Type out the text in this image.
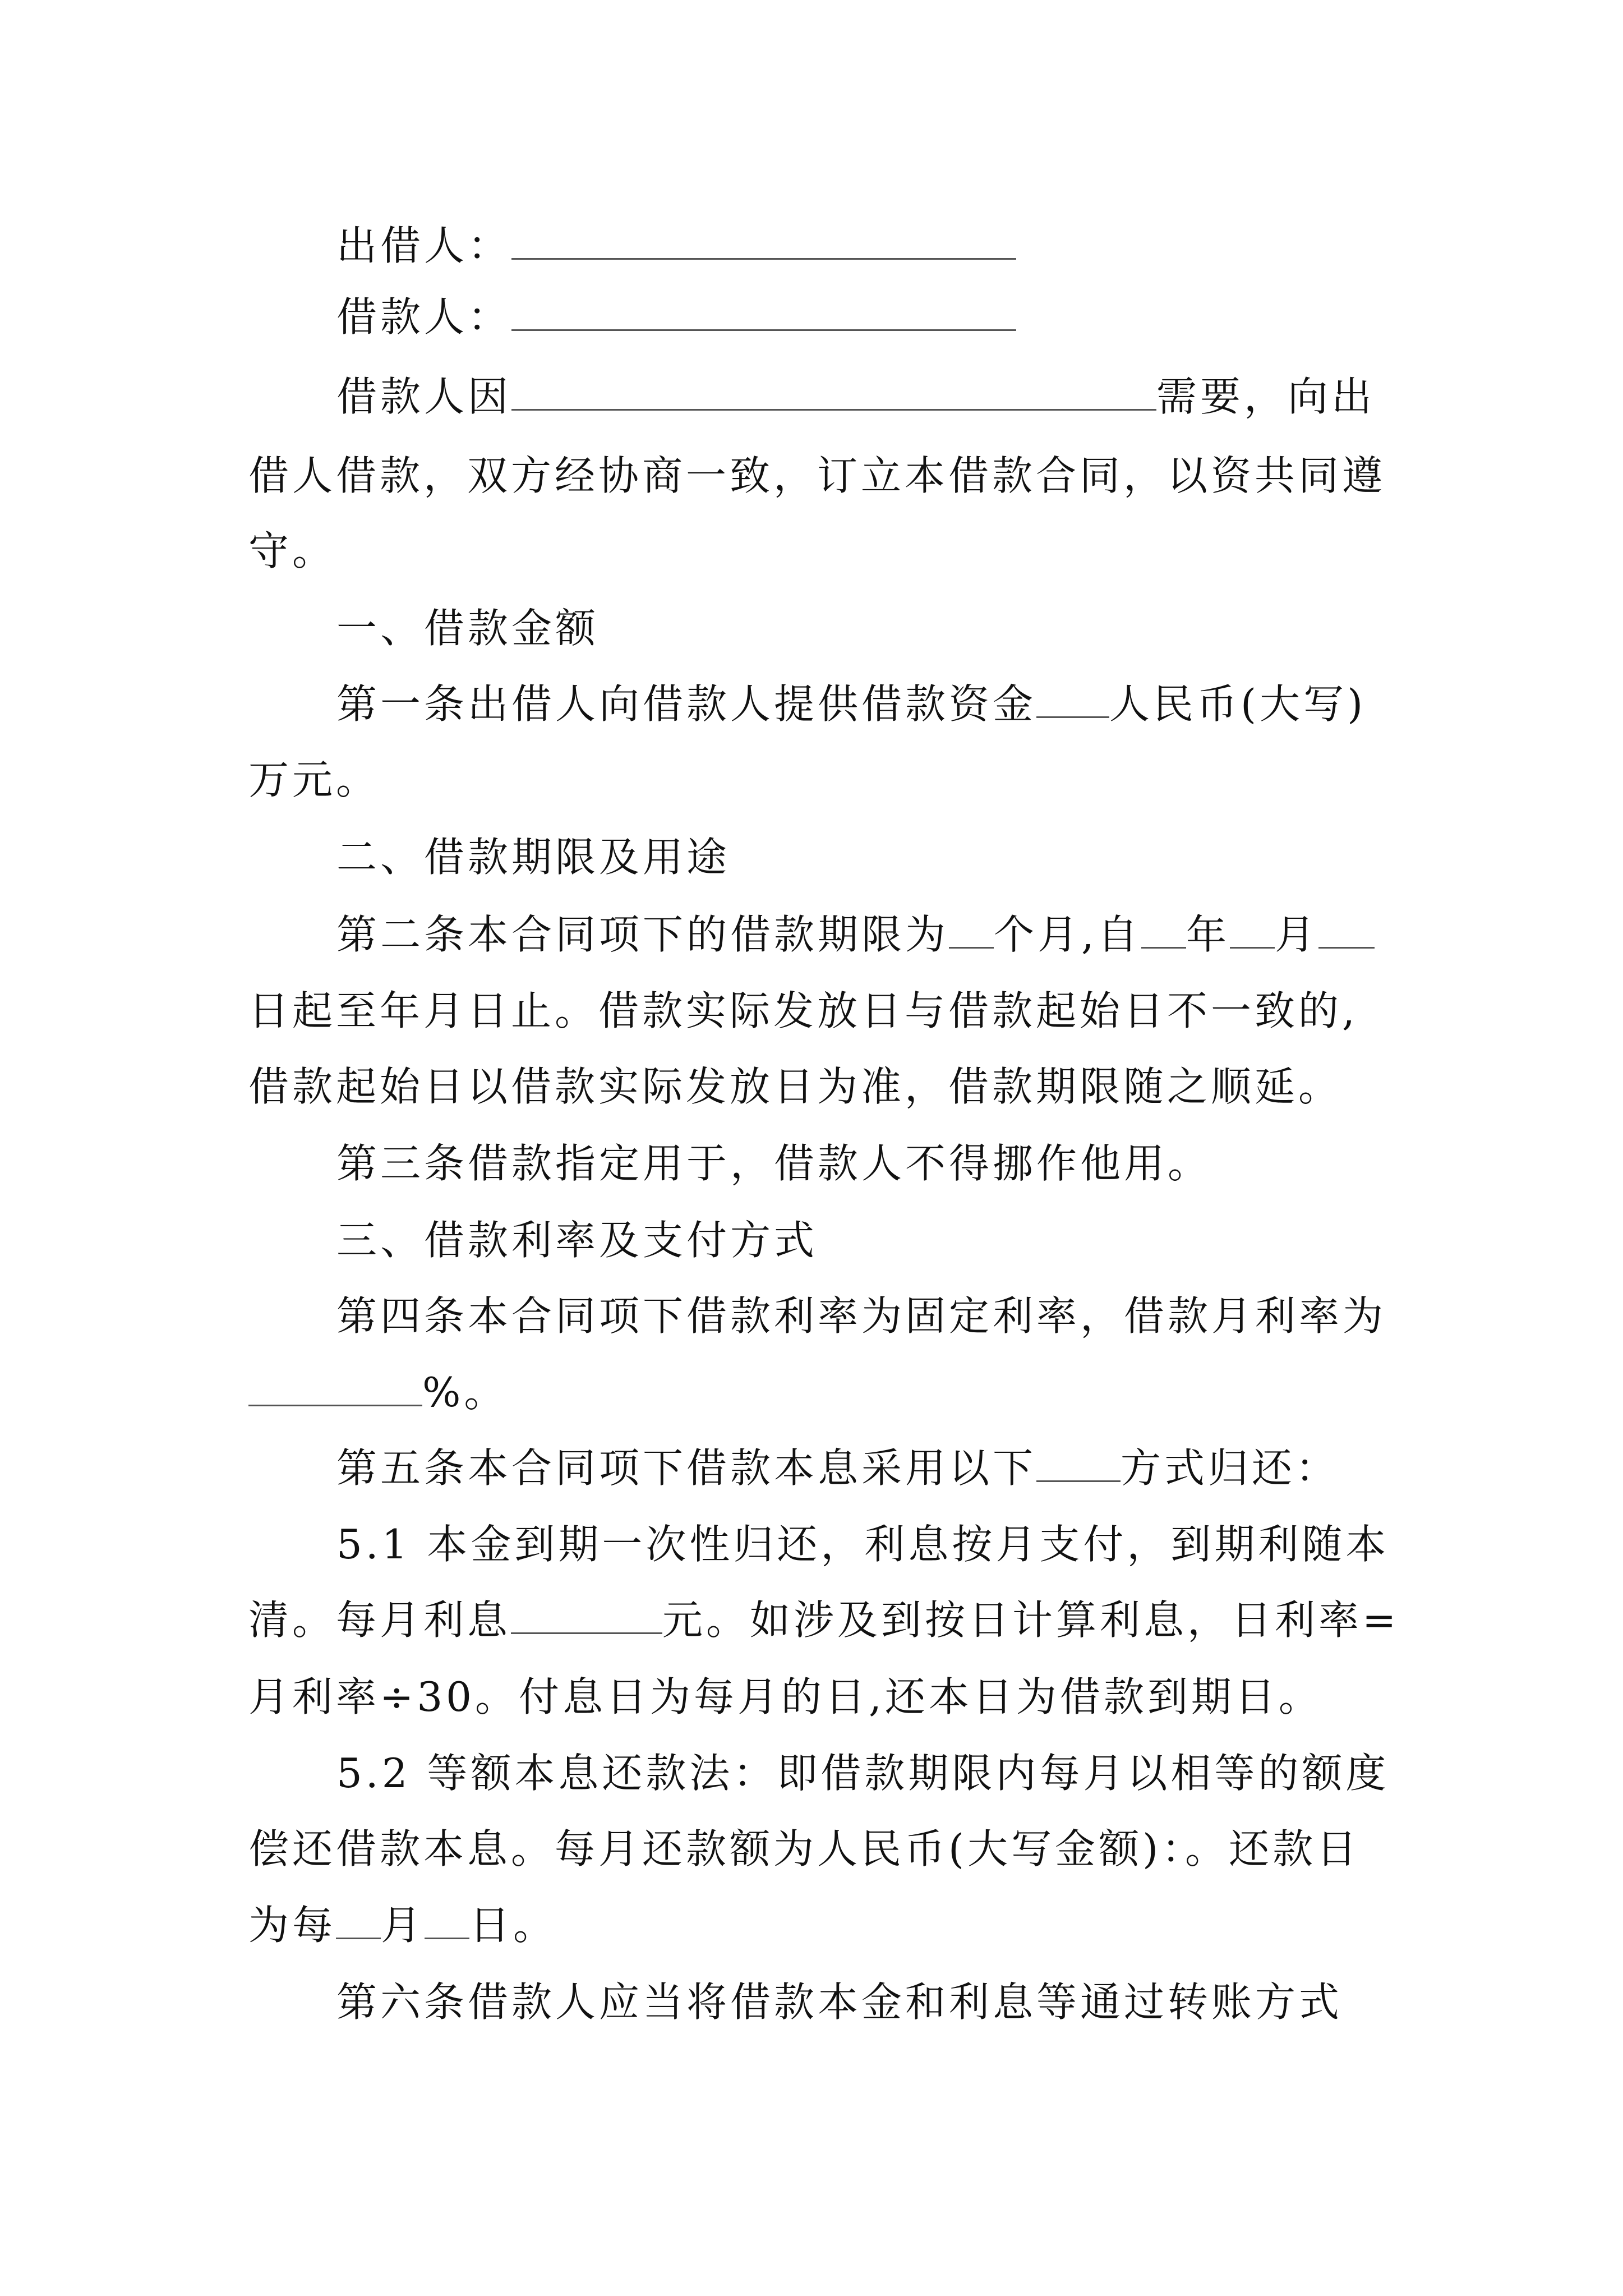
出借人：
借款人：
借款人因	需要，向出
借人借款，双方经协商一致，订立本借款合同，以资共同遵
守。
一、借款金额
第一条出借人向借款人提供借款资金 人民币(大写)
万元。
二、借款期限及用途
第二条本合同项下的借款期限为 个月,自 年 月
日起至年月日止。借款实际发放日与借款起始日不一致的,
借款起始日以借款实际发放日为准，借款期限随之顺延。
第三条借款指定用于，借款人不得挪作他用。
三、借款利率及支付方式
第四条本合同项下借款利率为固定利率，借款月利率为
%。
第五条本合同项下借款本息采用以下 方式归还：
5.1 本金到期一次性归还，利息按月支付，到期利随本
清。每月利息	元。如涉及到按日计算利息，日利率=
月利率÷30。付息日为每月的日,还本日为借款到期日。
5.2 等额本息还款法：即借款期限内每月以相等的额度
偿还借款本息。每月还款额为人民币(大写金额)：。还款日
为每 月 日。
第六条借款人应当将借款本金和利息等通过转账方式
